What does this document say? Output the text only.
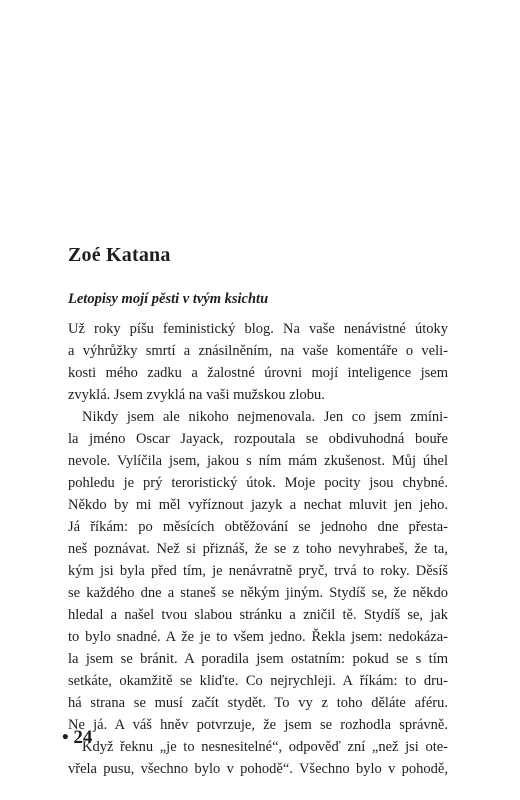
Zoé Katana
Letopisy mojí pěsti v tvým ksichtu
Už roky píšu feministický blog. Na vaše nenávistné útoky
a výhrůžky smrtí a znásilněním, na vaše komentáře o veli-
kosti mého zadku a žalostné úrovni mojí inteligence jsem
zvyklá. Jsem zvyklá na vaši mužskou zlobu.
Nikdy jsem ale nikoho nejmenovala. Jen co jsem zmíni-
la jméno Oscar Jayack, rozpoutala se obdivuhodná bouře
nevole. Vylíčila jsem, jakou s ním mám zkušenost. Můj úhel
pohledu je prý teroristický útok. Moje pocity jsou chybné.
Někdo by mi měl vyříznout jazyk a nechat mluvit jen jeho.
Já říkám: po měsících obtěžování se jednoho dne přesta-
neš poznávat. Než si přiznáš, že se z toho nevyhrabeš, že ta,
kým jsi byla před tím, je nenávratně pryč, trvá to roky. Děsíš
se každého dne a staneš se někým jiným. Stydíš se, že někdo
hledal a našel tvou slabou stránku a zničil tě. Stydíš se, jak
to bylo snadné. A že je to všem jedno. Řekla jsem: nedokáza-
la jsem se bránit. A poradila jsem ostatním: pokud se s tím
setkáte, okamžitě se kliďte. Co nejrychleji. A říkám: to dru-
há strana se musí začít stydět. To vy z toho děláte aféru.
Ne já. A váš hněv potvrzuje, že jsem se rozhodla správně.
Když řeknu „je to nesnesitelné“, odpověď zní „než jsi ote-
vřela pusu, všechno bylo v pohodě“. Všechno bylo v pohodě,
• 24
